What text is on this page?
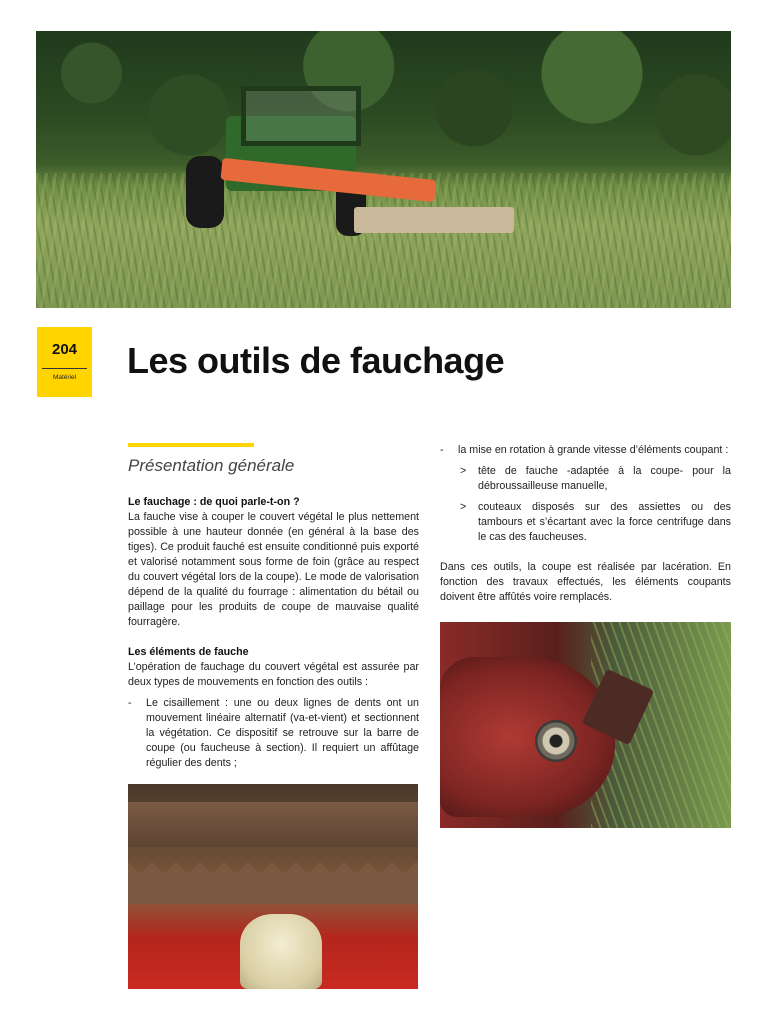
204
Matériel	Les outils de fauchage
Présentation générale
Le fauchage : de quoi parle-t-on ?

La fauche vise à couper le couvert végétal le plus nettement possible à une hauteur donnée (en général à la base des tiges). Ce produit fauché est ensuite conditionné puis exporté et valorisé notamment sous forme de foin (grâce au respect du couvert végétal lors de la coupe). Le mode de valorisation dépend de la qualité du fourrage : alimentation du bétail ou paillage pour les produits de coupe de mauvaise qualité fourragère.

Les éléments de fauche

L’opération de fauchage du couvert végétal est assurée par deux types de mouvements en fonction des outils :

- Le cisaillement : une ou deux lignes de dents ont un mouvement linéaire alternatif (va-et-vient) et sectionnent la végétation. Ce dispositif se retrouve sur la barre de coupe (ou faucheuse à section). Il requiert un affûtage régulier des dents ;
- la mise en rotation à grande vitesse d’éléments coupant :
> tête de fauche -adaptée à la coupe- pour la débroussailleuse manuelle,
> couteaux disposés sur des assiettes ou des tambours et s’écartant avec la force centrifuge dans le cas des faucheuses.

Dans ces outils, la coupe est réalisée par lacération. En fonction des travaux effectués, les éléments coupants doivent être affûtés voire remplacés.
